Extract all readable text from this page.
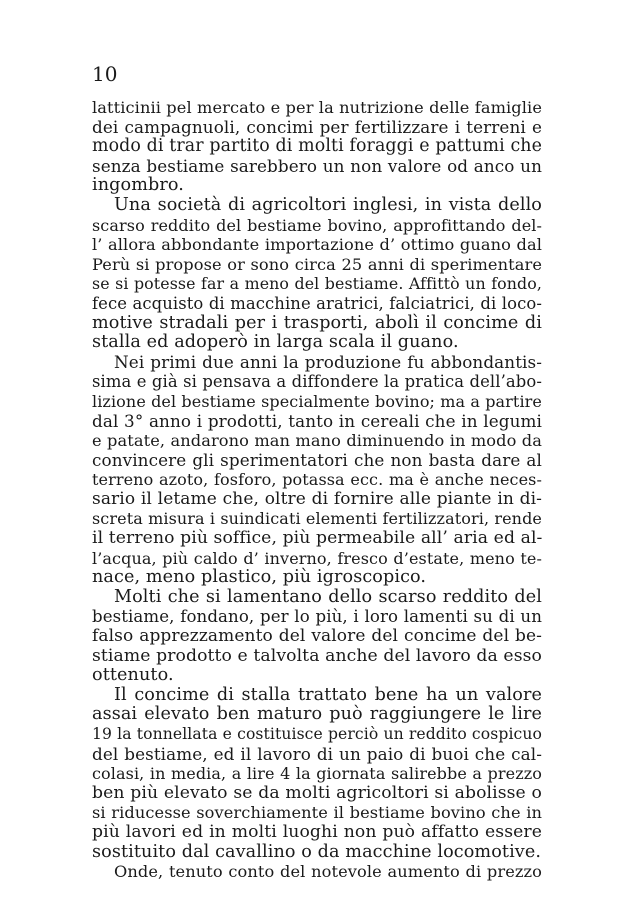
10
latticinii pel mercato e per la nutrizione delle famiglie
dei campagnuoli, concimi per fertilizzare i terreni e
modo di trar partito di molti foraggi e pattumi che
senza bestiame sarebbero un non valore od anco un
ingombro.
Una società di agricoltori inglesi, in vista dello
scarso reddito del bestiame bovino, approfittando del-
l’ allora abbondante importazione d’ ottimo guano dal
Perù si propose or sono circa 25 anni di sperimentare
se si potesse far a meno del bestiame. Affittò un fondo,
fece acquisto di macchine aratrici, falciatrici, di loco-
motive stradali per i trasporti, abolì il concime di
stalla ed adoperò in larga scala il guano.
Nei primi due anni la produzione fu abbondantis-
sima e già si pensava a diffondere la pratica dell’abo-
lizione del bestiame specialmente bovino; ma a partire
dal 3° anno i prodotti, tanto in cereali che in legumi
e patate, andarono man mano diminuendo in modo da
convincere gli sperimentatori che non basta dare al
terreno azoto, fosforo, potassa ecc. ma è anche neces-
sario il letame che, oltre di fornire alle piante in di-
screta misura i suindicati elementi fertilizzatori, rende
il terreno più soffice, più permeabile all’ aria ed al-
l’acqua, più caldo d’ inverno, fresco d’estate, meno te-
nace, meno plastico, più igroscopico.
Molti che si lamentano dello scarso reddito del
bestiame, fondano, per lo più, i loro lamenti su di un
falso apprezzamento del valore del concime del be-
stiame prodotto e talvolta anche del lavoro da esso
ottenuto.
Il concime di stalla trattato bene ha un valore
assai elevato ben maturo può raggiungere le lire
19 la tonnellata e costituisce perciò un reddito cospicuo
del bestiame, ed il lavoro di un paio di buoi che cal-
colasi, in media, a lire 4 la giornata salirebbe a prezzo
ben più elevato se da molti agricoltori si abolisse o
si riducesse soverchiamente il bestiame bovino che in
più lavori ed in molti luoghi non può affatto essere
sostituito dal cavallino o da macchine locomotive.
Onde, tenuto conto del notevole aumento di prezzo
